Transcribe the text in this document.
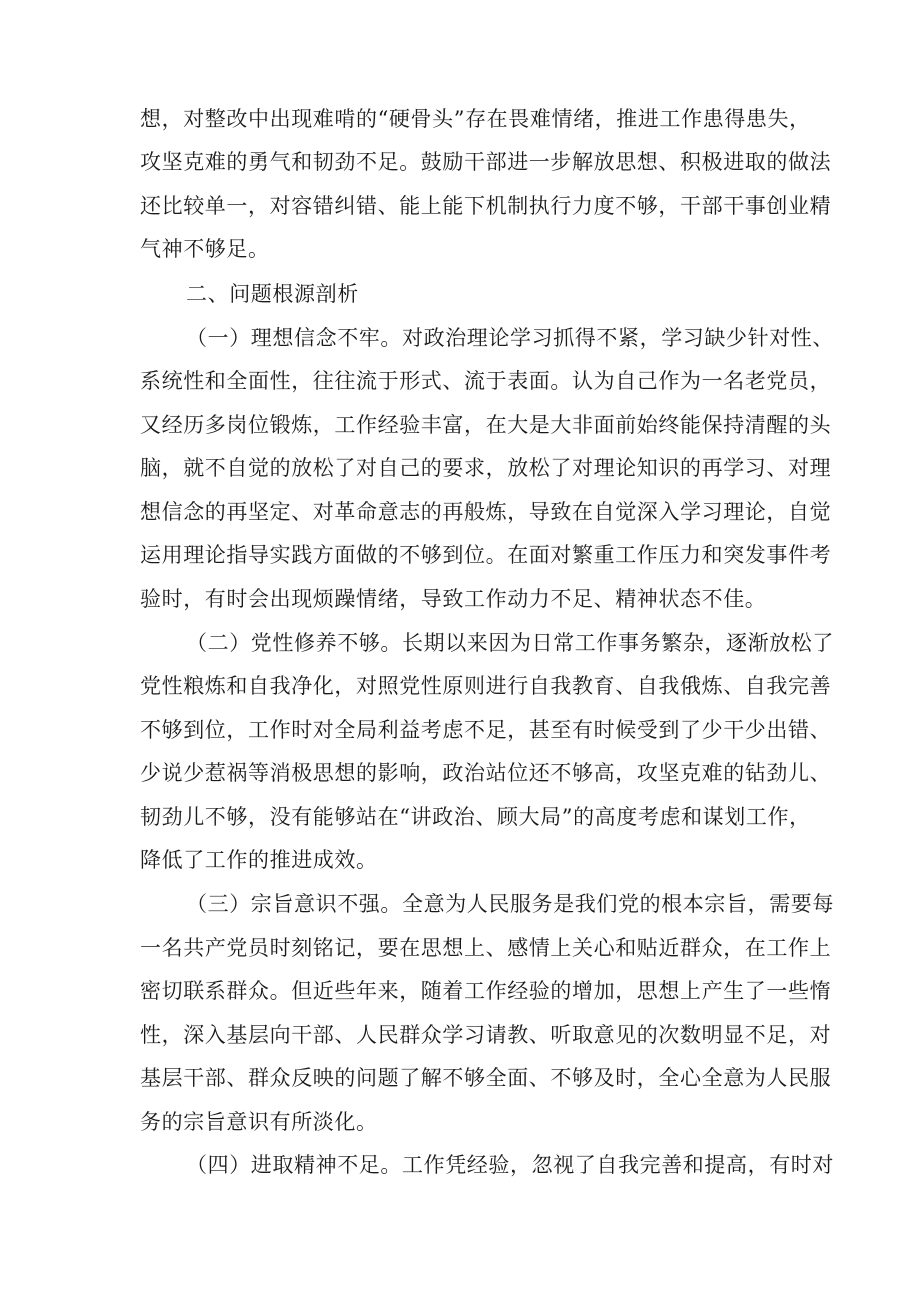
想，对整改中出现难啃的“硬骨头”存在畏难情绪，推进工作患得患失，
攻坚克难的勇气和韧劲不足。鼓励干部进一步解放思想、积极进取的做法
还比较单一，对容错纠错、能上能下机制执行力度不够，干部干事创业精
气神不够足。
二、问题根源剖析
（一）理想信念不牢。对政治理论学习抓得不紧，学习缺少针对性、
系统性和全面性，往往流于形式、流于表面。认为自己作为一名老党员，
又经历多岗位锻炼，工作经验丰富，在大是大非面前始终能保持清醒的头
脑，就不自觉的放松了对自己的要求，放松了对理论知识的再学习、对理
想信念的再坚定、对革命意志的再般炼，导致在自觉深入学习理论，自觉
运用理论指导实践方面做的不够到位。在面对繁重工作压力和突发事件考
验时，有时会出现烦躁情绪，导致工作动力不足、精神状态不佳。
（二）党性修养不够。长期以来因为日常工作事务繁杂，逐渐放松了
党性粮炼和自我净化，对照党性原则进行自我教育、自我俄炼、自我完善
不够到位，工作时对全局利益考虑不足，甚至有时候受到了少干少出错、
少说少惹祸等消极思想的影响，政治站位还不够高，攻坚克难的钻劲儿、
韧劲儿不够，没有能够站在“讲政治、顾大局”的高度考虑和谋划工作，
降低了工作的推进成效。
（三）宗旨意识不强。全意为人民服务是我们党的根本宗旨，需要每
一名共产党员时刻铭记，要在思想上、感情上关心和贴近群众，在工作上
密切联系群众。但近些年来，随着工作经验的增加，思想上产生了一些惰
性，深入基层向干部、人民群众学习请教、听取意见的次数明显不足，对
基层干部、群众反映的问题了解不够全面、不够及时，全心全意为人民服
务的宗旨意识有所淡化。
（四）进取精神不足。工作凭经验，忽视了自我完善和提高，有时对
